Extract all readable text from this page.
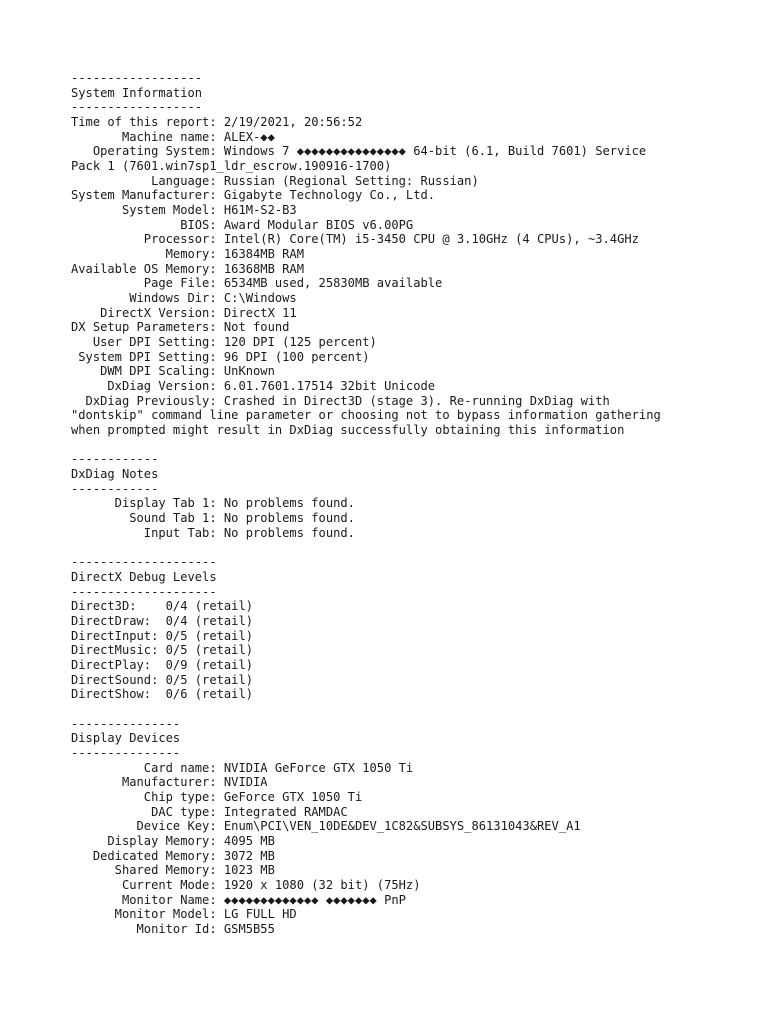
------------------
System Information
------------------
Time of this report: 2/19/2021, 20:56:52
Machine name: ALEX-◆◆
Operating System: Windows 7 ◆◆◆◆◆◆◆◆◆◆◆◆◆◆◆ 64-bit (6.1, Build 7601) Service
Pack 1 (7601.win7sp1_ldr_escrow.190916-1700)
Language: Russian (Regional Setting: Russian)
System Manufacturer: Gigabyte Technology Co., Ltd.
System Model: H61M-S2-B3
BIOS: Award Modular BIOS v6.00PG
Processor: Intel(R) Core(TM) i5-3450 CPU @ 3.10GHz (4 CPUs), ~3.4GHz
Memory: 16384MB RAM
Available OS Memory: 16368MB RAM
Page File: 6534MB used, 25830MB available
Windows Dir: C:\Windows
DirectX Version: DirectX 11
DX Setup Parameters: Not found
User DPI Setting: 120 DPI (125 percent)
System DPI Setting: 96 DPI (100 percent)
DWM DPI Scaling: UnKnown
DxDiag Version: 6.01.7601.17514 32bit Unicode
DxDiag Previously: Crashed in Direct3D (stage 3). Re-running DxDiag with
"dontskip" command line parameter or choosing not to bypass information gathering
when prompted might result in DxDiag successfully obtaining this information
------------
DxDiag Notes
------------
Display Tab 1: No problems found.
Sound Tab 1: No problems found.
Input Tab: No problems found.
--------------------
DirectX Debug Levels
--------------------
Direct3D:    0/4 (retail)
DirectDraw:  0/4 (retail)
DirectInput: 0/5 (retail)
DirectMusic: 0/5 (retail)
DirectPlay:  0/9 (retail)
DirectSound: 0/5 (retail)
DirectShow:  0/6 (retail)
---------------
Display Devices
---------------
Card name: NVIDIA GeForce GTX 1050 Ti
Manufacturer: NVIDIA
Chip type: GeForce GTX 1050 Ti
DAC type: Integrated RAMDAC
Device Key: Enum\PCI\VEN_10DE&DEV_1C82&SUBSYS_86131043&REV_A1
Display Memory: 4095 MB
Dedicated Memory: 3072 MB
Shared Memory: 1023 MB
Current Mode: 1920 x 1080 (32 bit) (75Hz)
Monitor Name: ◆◆◆◆◆◆◆◆◆◆◆◆◆ ◆◆◆◆◆◆◆ PnP
Monitor Model: LG FULL HD
Monitor Id: GSM5B55
